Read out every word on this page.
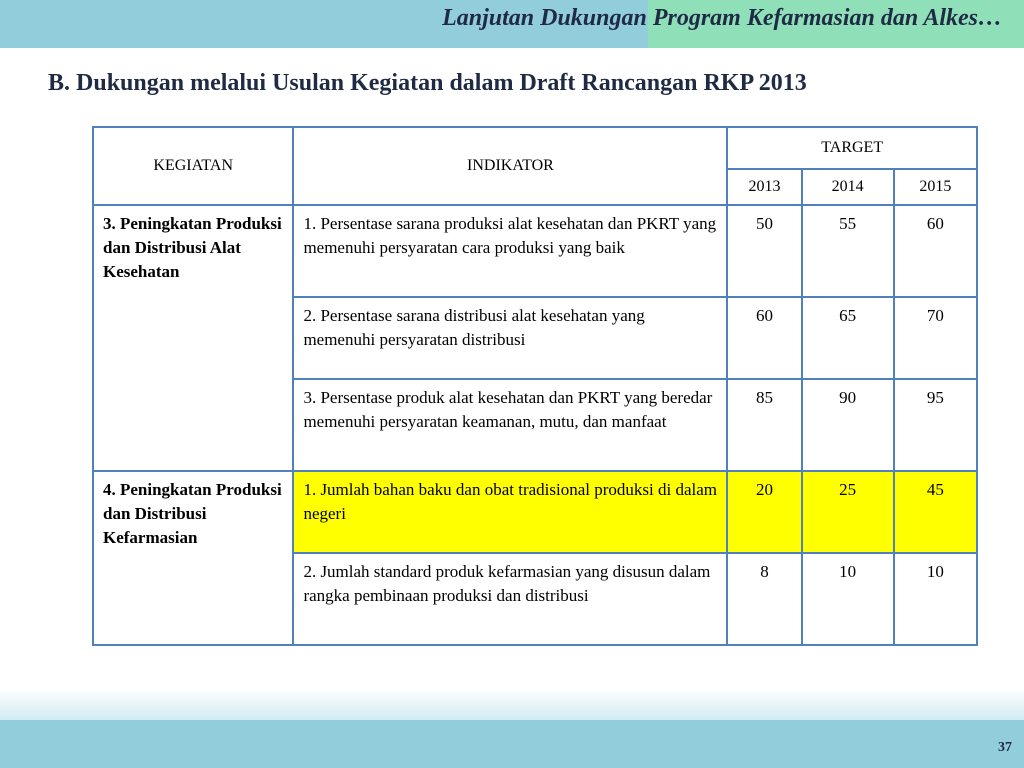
Lanjutan Dukungan Program Kefarmasian dan Alkes…
B. Dukungan melalui Usulan Kegiatan dalam Draft Rancangan RKP 2013
KEGIATAN	INDIKATOR	TARGET		
		2013	2014	2015
3. Peningkatan Produksi dan Distribusi Alat Kesehatan	1. Persentase sarana produksi alat kesehatan dan PKRT yang memenuhi persyaratan cara produksi yang baik	50	55	60
	2. Persentase sarana distribusi alat kesehatan yang memenuhi persyaratan distribusi	60	65	70
	3. Persentase produk alat kesehatan dan PKRT yang beredar memenuhi persyaratan keamanan, mutu, dan manfaat	85	90	95
4. Peningkatan Produksi dan Distribusi Kefarmasian	1. Jumlah bahan baku dan obat tradisional produksi di dalam negeri	20	25	45
	2. Jumlah standard produk kefarmasian yang disusun dalam rangka pembinaan produksi dan distribusi	8	10	10
37
